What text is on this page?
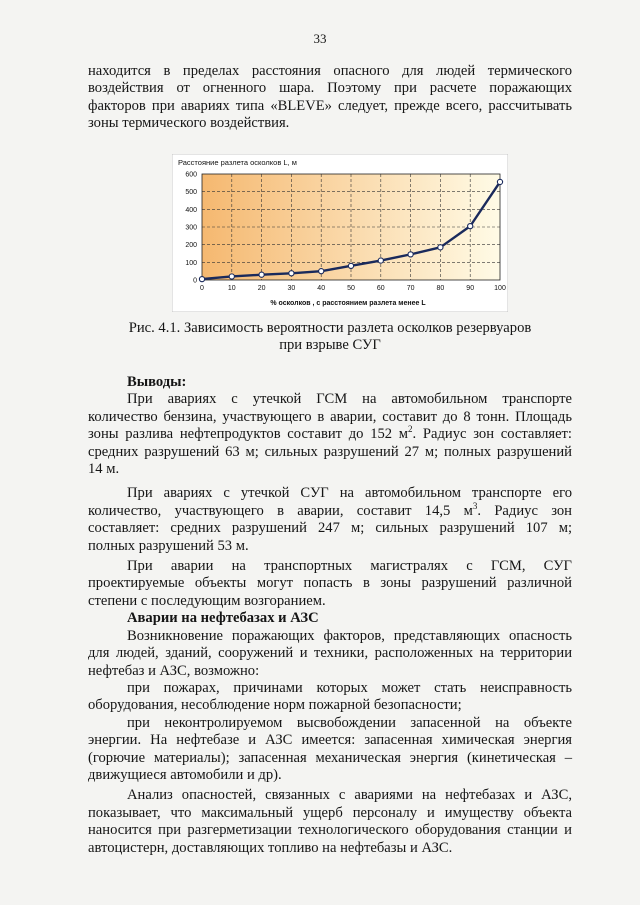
33

находится в пределах расстояния опасного для людей термического

воздействия от огненного шара. Поэтому при расчете поражающих

факторов при авариях типа «BLEVE» следует, прежде всего, рассчитывать

зоны термического воздействия.

0
100
200
300
400
500
600
0	10	20	30	40	50	60	70	80	90	100
Расстояние разлета осколков L, м
% осколков , с расстоянием разлета менее L
Рис. 4.1. Зависимость вероятности разлета осколков резервуаров
при взрыве СУГ

Выводы:

При авариях с утечкой ГСМ на автомобильном транспорте

количество бензина, участвующего в аварии, составит до 8 тонн. Площадь

зоны разлива нефтепродуктов составит до 152 $м^2$. Радиус зон составляет:

средних разрушений 63 м; сильных разрушений 27 м; полных разрушений

14 м.

При авариях с утечкой СУГ на автомобильном транспорте его

количество, участвующего в аварии, составит 14,5 $м^3$. Радиус зон

составляет: средних разрушений 247 м; сильных разрушений 107 м;

полных разрушений 53 м.

При аварии на транспортных магистралях с ГСМ, СУГ

проектируемые объекты могут попасть в зоны разрушений различной

степени с последующим возгоранием.

Аварии на нефтебазах и АЗС

Возникновение поражающих факторов, представляющих опасность

для людей, зданий, сооружений и техники, расположенных на территории

нефтебаз и АЗС, возможно:

при пожарах, причинами которых может стать неисправность

оборудования, несоблюдение норм пожарной безопасности;

при неконтролируемом высвобождении запасенной на объекте

энергии. На нефтебазе и АЗС имеется: запасенная химическая энергия

(горючие материалы); запасенная механическая энергия (кинетическая –

движущиеся автомобили и др).

Анализ опасностей, связанных с авариями на нефтебазах и АЗС,

показывает, что максимальный ущерб персоналу и имуществу объекта

наносится при разгерметизации технологического оборудования станции и

автоцистерн, доставляющих топливо на нефтебазы и АЗС.
